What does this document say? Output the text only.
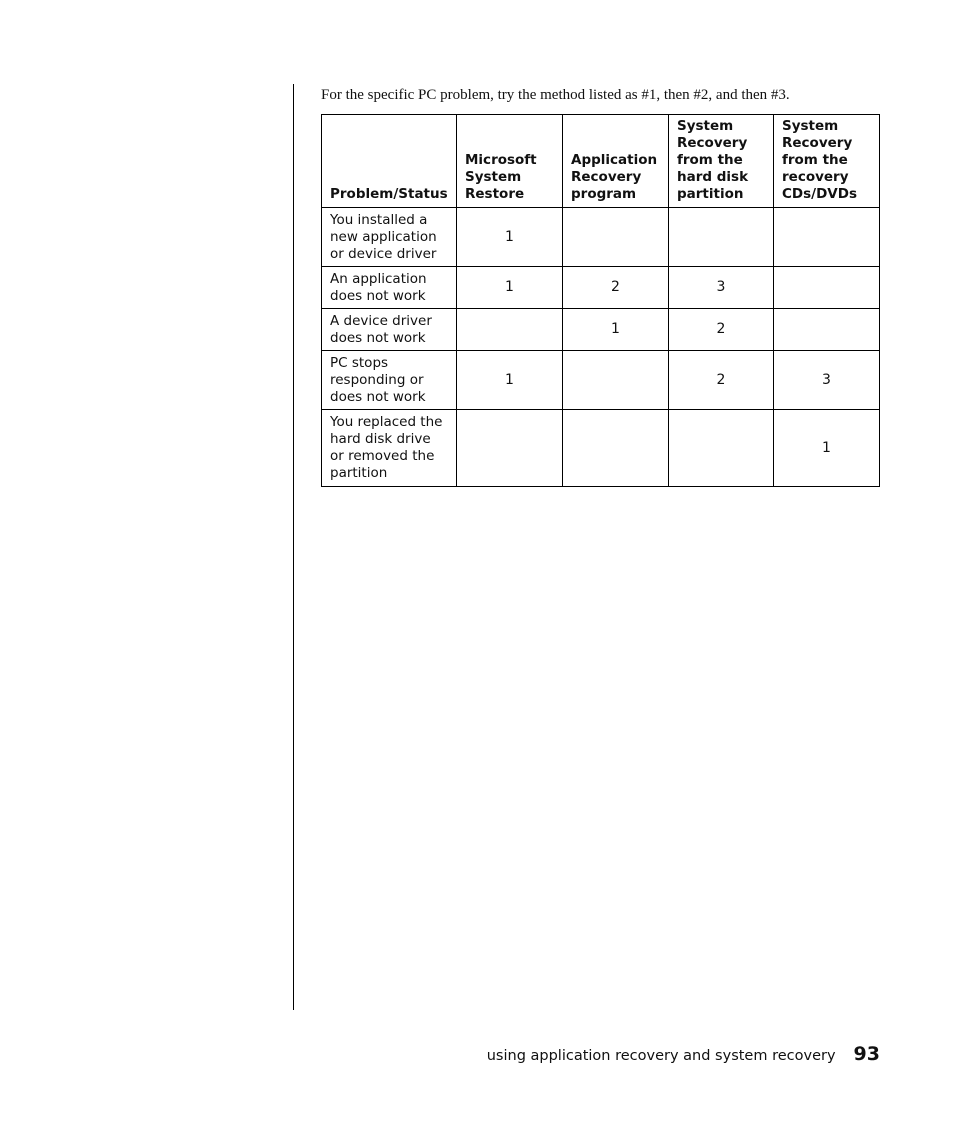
For the specific PC problem, try the method listed as #1, then #2, and then #3.

Problem/Status	Microsoft System Restore	Application Recovery program	System Recovery from the hard disk partition	System Recovery from the recovery CDs/DVDs
You installed a new application or device driver	1			
An application does not work	1	2	3	
A device driver does not work		1	2	
PC stops responding or does not work	1		2	3
You replaced the hard disk drive or removed the partition				1
using application recovery and system recovery 93
